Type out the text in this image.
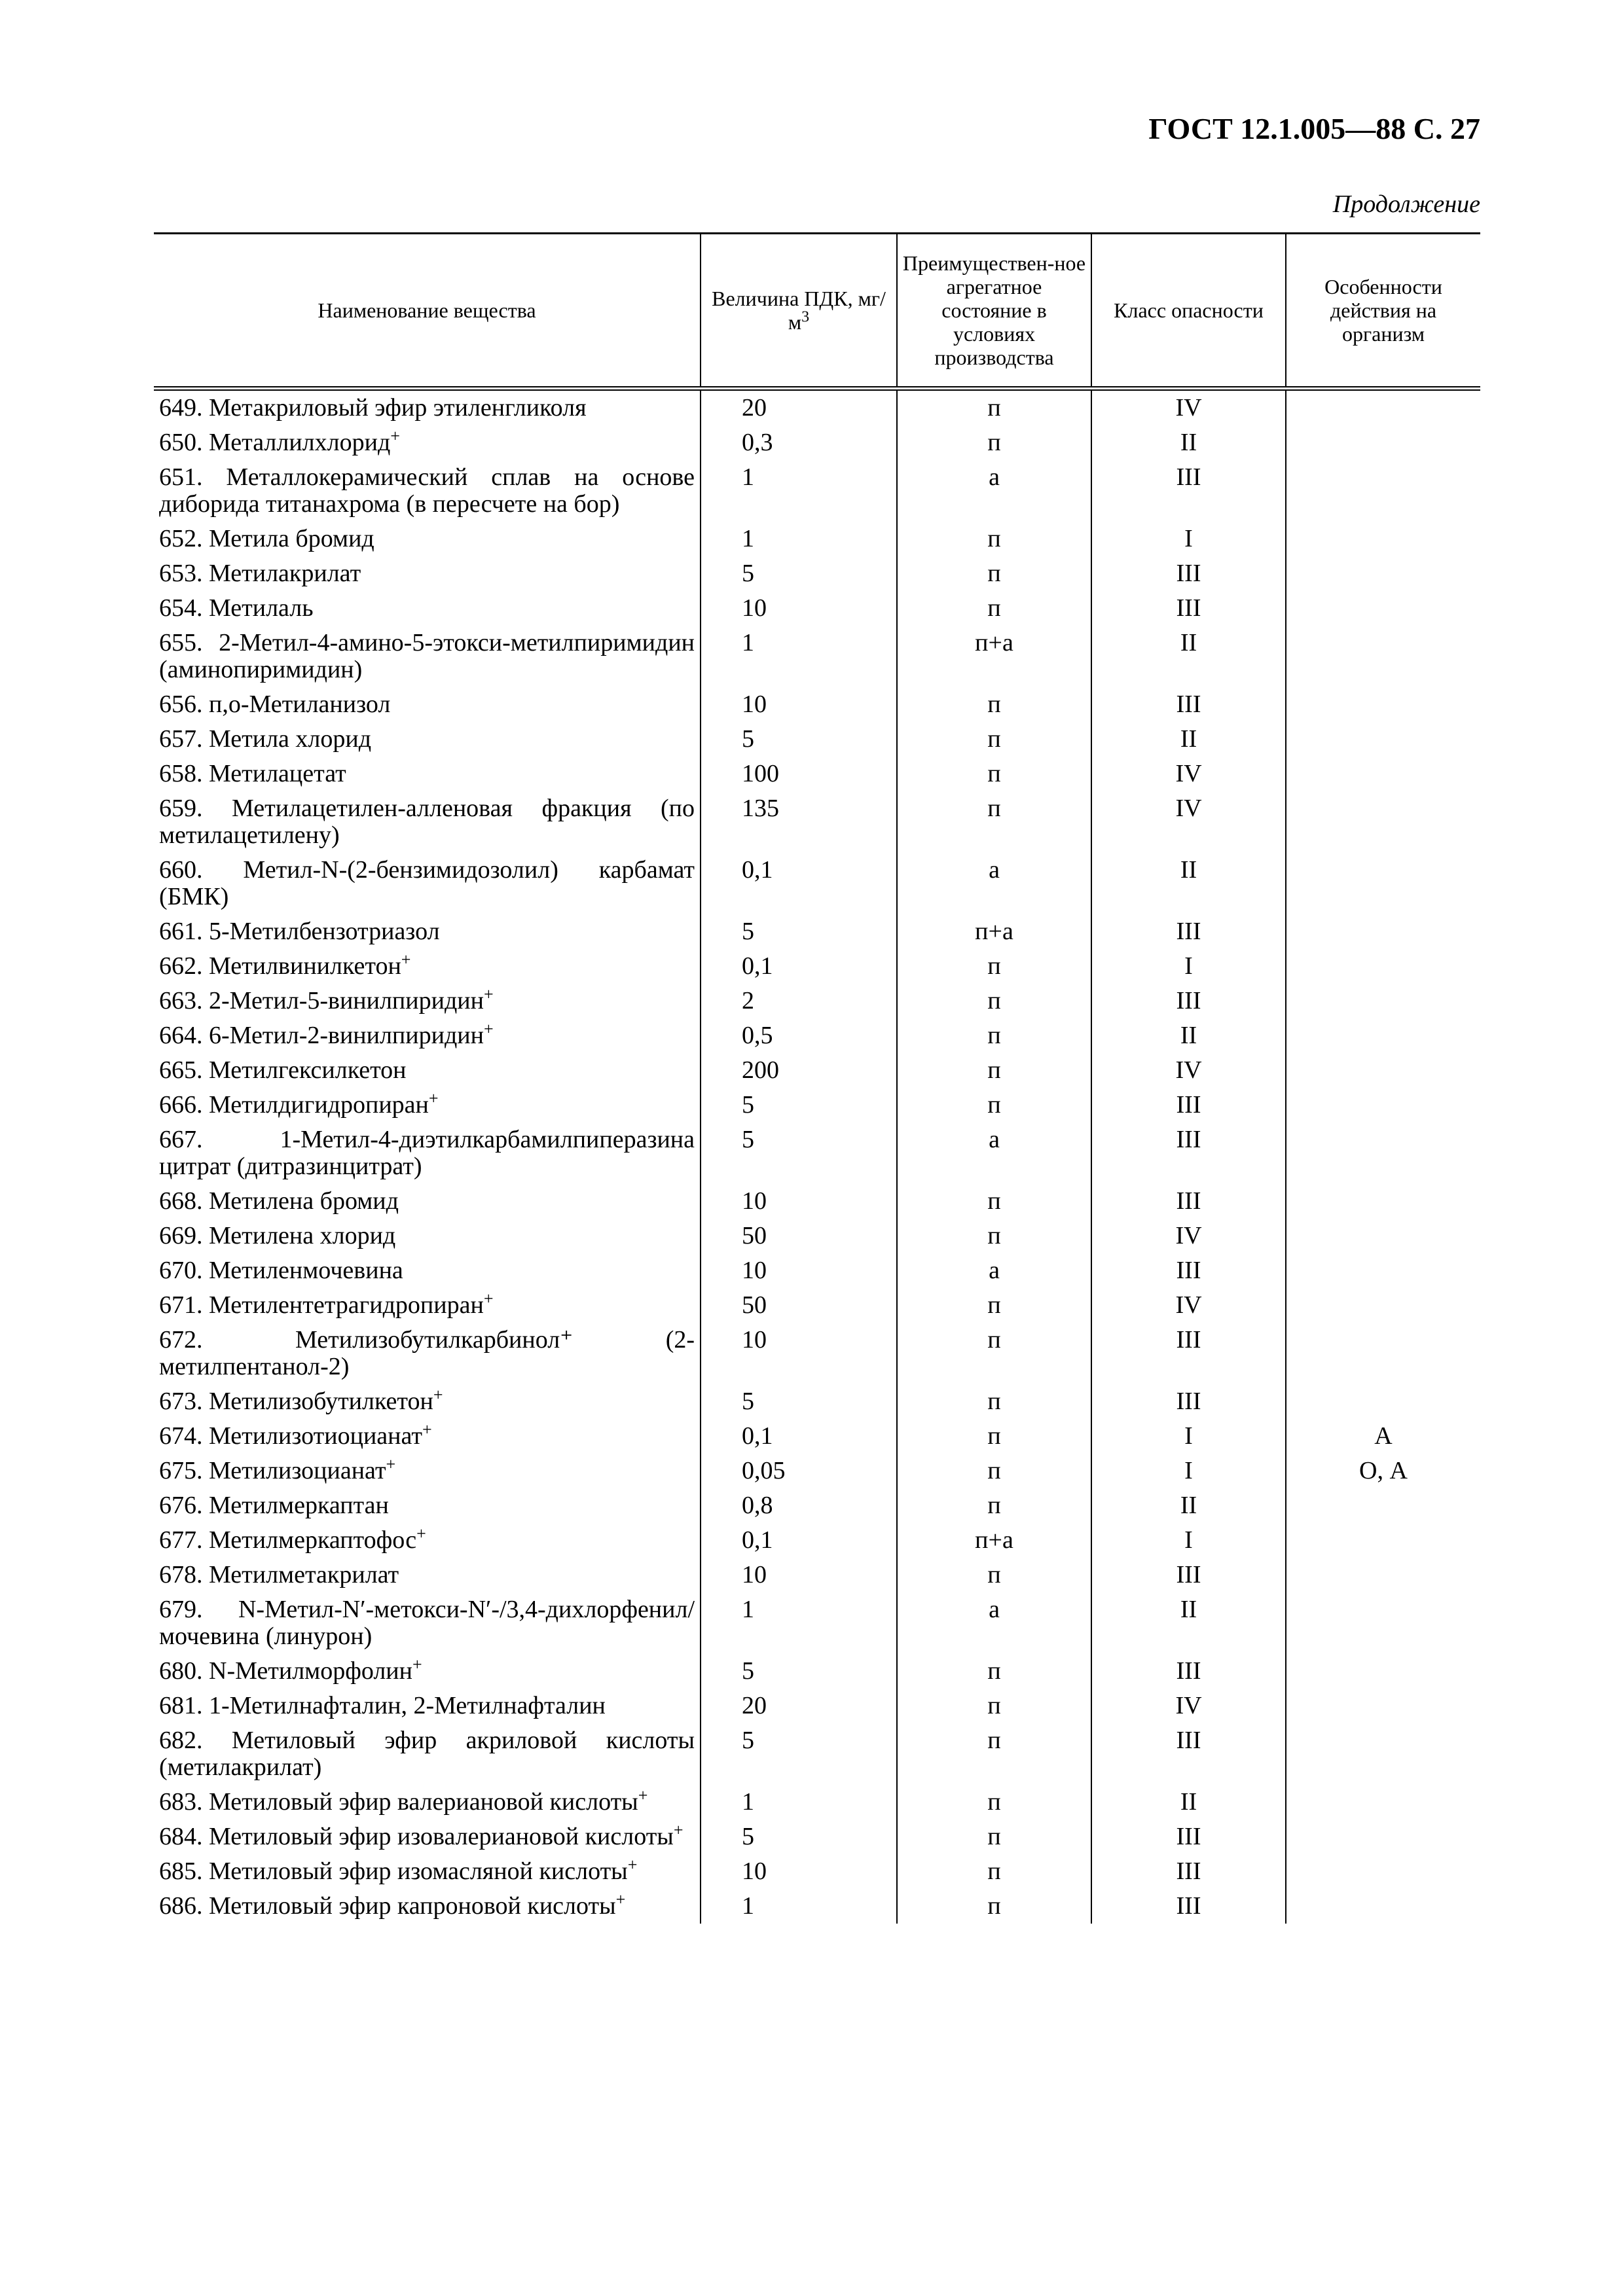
ГОСТ 12.1.005—88 С. 27
Продолжение
Наименование вещества	Величина ПДК, $мг/м^3$	Преимуществен-ное агрегатное состояние в условиях производства	Класс опасности	Особенности действия на организм
649. Метакриловый эфир этиленгликоля	20	п	IV	
650. Металлилхлорид+	0,3	п	II	
651. Металлокерамический сплав на основе диборида титанахрома (в пересчете на бор)	1	а	III	
652. Метила бромид	1	п	I	
653. Метилакрилат	5	п	III	
654. Метилаль	10	п	III	
655. 2-Метил-4-амино-5-этокси-метилпиримидин (аминопиримидин)	1	п+а	II	
656. п,о-Метиланизол	10	п	III	
657. Метила хлорид	5	п	II	
658. Метилацетат	100	п	IV	
659. Метилацетилен-алленовая фракция (по метилацетилену)	135	п	IV	
660. Метил-N-(2-бензимидозолил) карбамат (БМК)	0,1	а	II	
661. 5-Метилбензотриазол	5	п+а	III	
662. Метилвинилкетон+	0,1	п	I	
663. 2-Метил-5-винилпиридин+	2	п	III	
664. 6-Метил-2-винилпиридин+	0,5	п	II	
665. Метилгексилкетон	200	п	IV	
666. Метилдигидропиран+	5	п	III	
667. 1-Метил-4-диэтилкарбамилпиперазина цитрат (дитразинцитрат)	5	а	III	
668. Метилена бромид	10	п	III	
669. Метилена хлорид	50	п	IV	
670. Метиленмочевина	10	а	III	
671. Метилентетрагидропиран+	50	п	IV	
672. Метилизобутилкарбинол⁺ (2-метилпентанол-2)	10	п	III	
673. Метилизобутилкетон+	5	п	III	
674. Метилизотиоцианат+	0,1	п	I	А
675. Метилизоцианат+	0,05	п	I	О, А
676. Метилмеркаптан	0,8	п	II	
677. Метилмеркаптофос+	0,1	п+а	I	
678. Метилметакрилат	10	п	III	
679. N-Метил-N′-метокси-N′-/3,4-дихлорфенил/мочевина (линурон)	1	а	II	
680. N-Метилморфолин+	5	п	III	
681. 1-Метилнафталин, 2-Метилнафталин	20	п	IV	
682. Метиловый эфир акриловой кислоты (метилакрилат)	5	п	III	
683. Метиловый эфир валериановой кислоты+	1	п	II	
684. Метиловый эфир изовалериановой кислоты+	5	п	III	
685. Метиловый эфир изомасляной кислоты+	10	п	III	
686. Метиловый эфир капроновой кислоты+	1	п	III	
